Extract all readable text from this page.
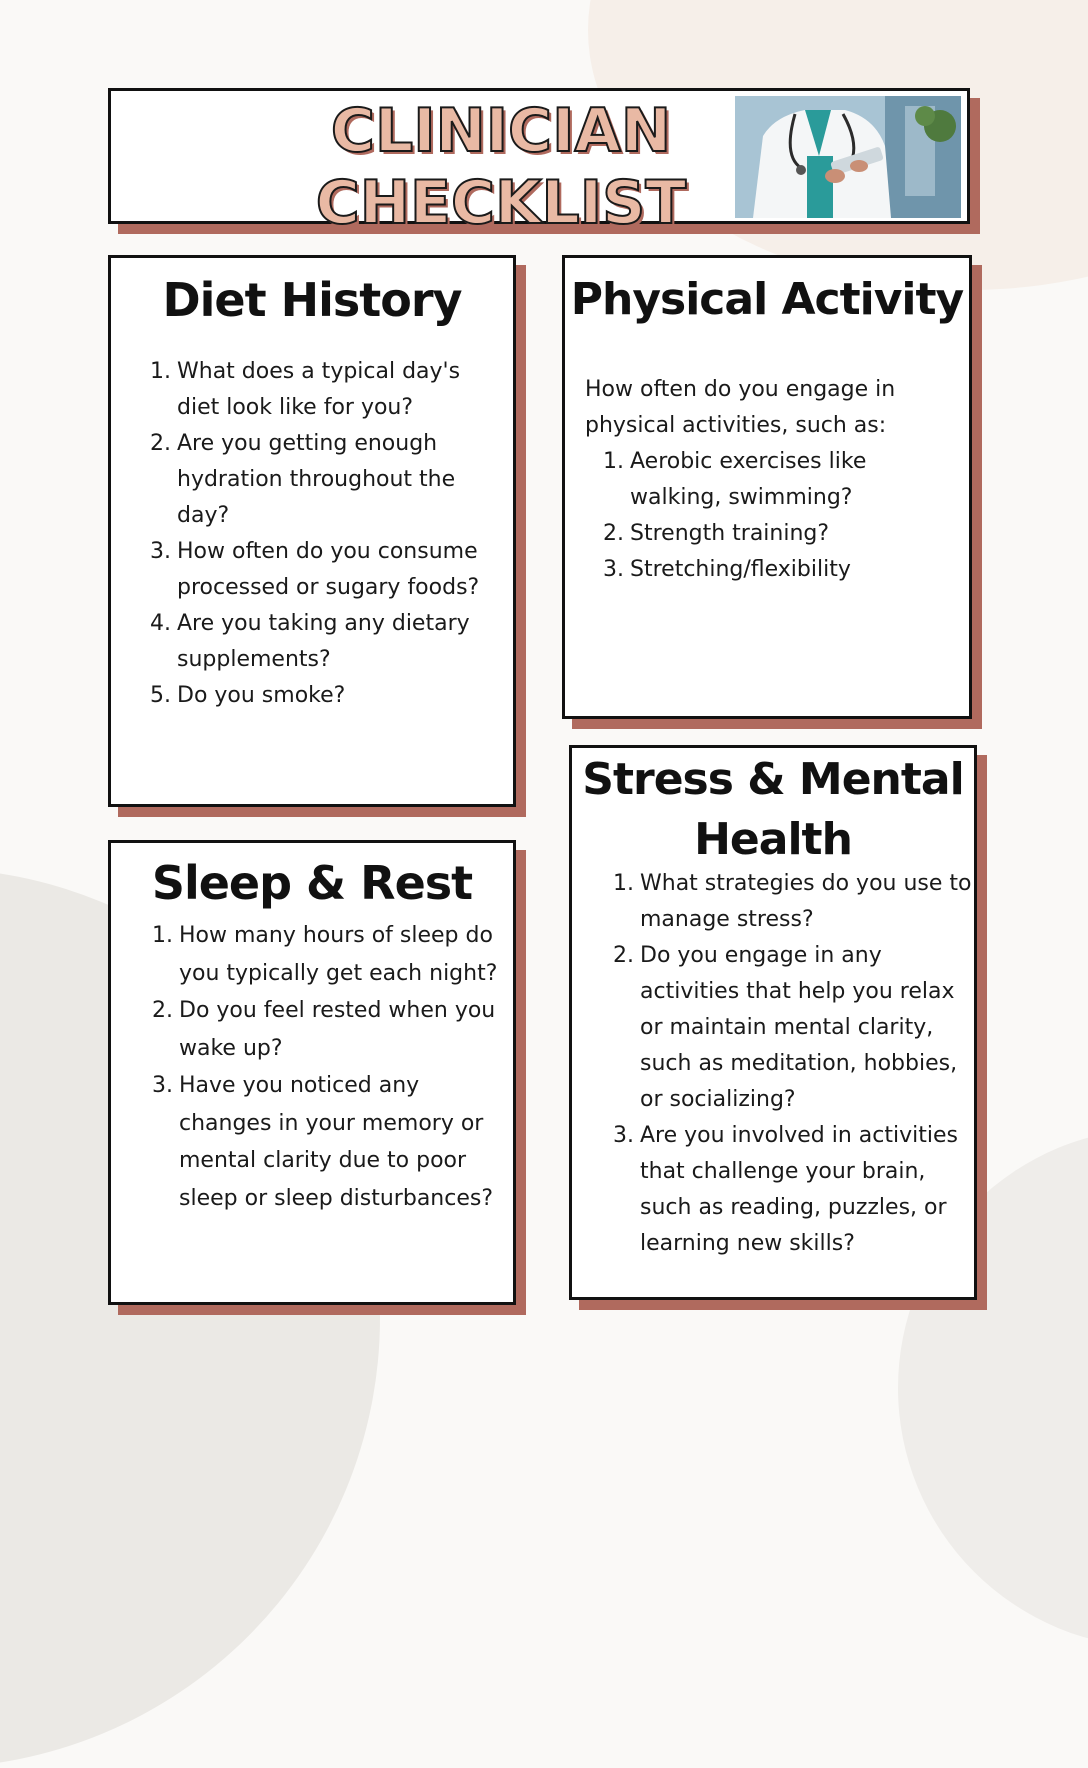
CLINICIAN
CHECKLIST
Diet History
1. What does a typical day's diet look like for you?
2. Are you getting enough hydration throughout the day?
3. How often do you consume processed or sugary foods?
4. Are you taking any dietary supplements?
5. Do you smoke?
Physical Activity
How often do you engage in physical activities, such as:
1. Aerobic exercises like walking, swimming?
2. Strength training?
3. Stretching/flexibility
Stress & Mental
Health
1. What strategies do you use to manage stress?
2. Do you engage in any activities that help you relax or maintain mental clarity, such as meditation, hobbies, or socializing?
3. Are you involved in activities that challenge your brain, such as reading, puzzles, or learning new skills?
Sleep & Rest
1. How many hours of sleep do you typically get each night?
2. Do you feel rested when you wake up?
3. Have you noticed any changes in your memory or mental clarity due to poor sleep or sleep disturbances?
